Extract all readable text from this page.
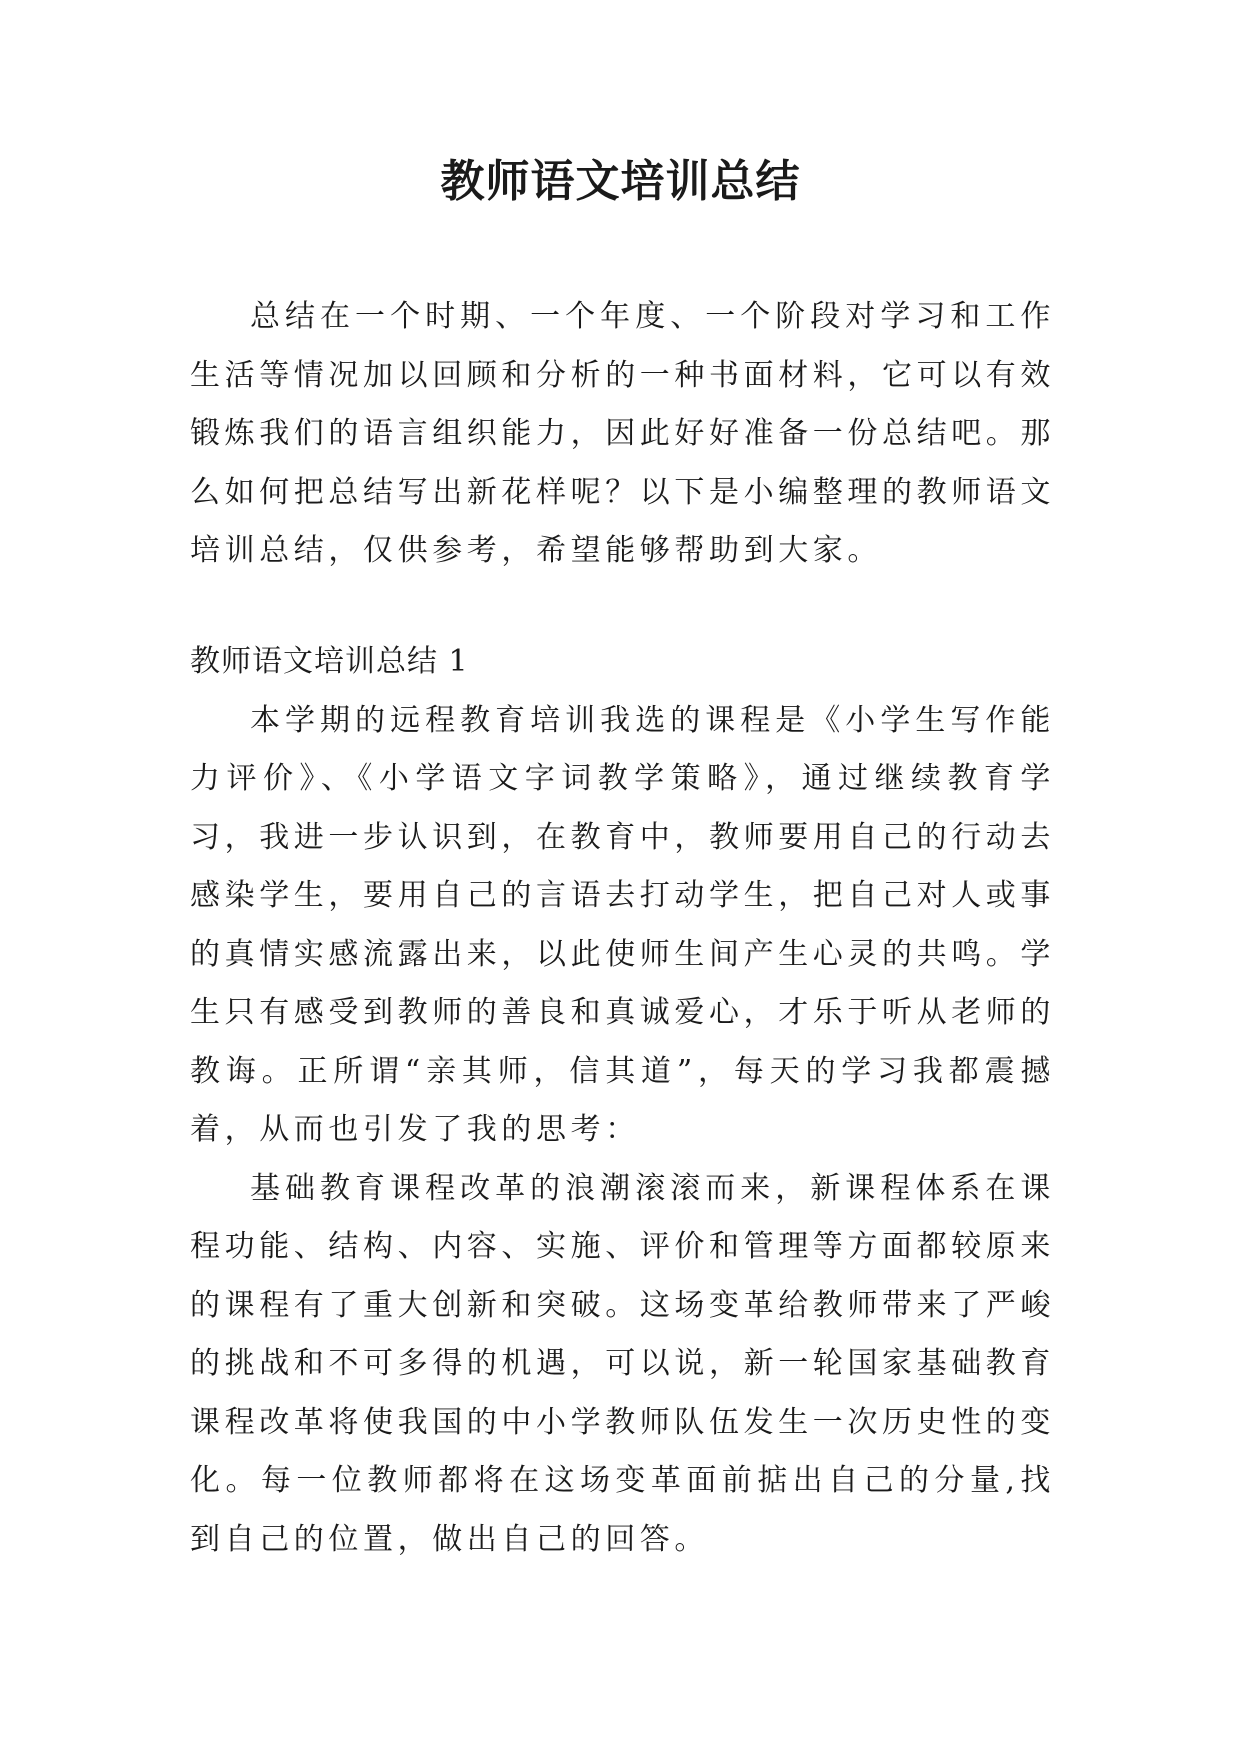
教师语文培训总结

总结在一个时期、一个年度、一个阶段对学习和工作生活等情况加以回顾和分析的一种书面材料，它可以有效锻炼我们的语言组织能力，因此好好准备一份总结吧。那么如何把总结写出新花样呢？以下是小编整理的教师语文培训总结，仅供参考，希望能够帮助到大家。

教师语文培训总结 1

本学期的远程教育培训我选的课程是《小学生写作能力评价》、《小学语文字词教学策略》，通过继续教育学习，我进一步认识到，在教育中，教师要用自己的行动去感染学生，要用自己的言语去打动学生，把自己对人或事的真情实感流露出来，以此使师生间产生心灵的共鸣。学生只有感受到教师的善良和真诚爱心，才乐于听从老师的教诲。正所谓“亲其师，信其道”，每天的学习我都震撼着，从而也引发了我的思考：

基础教育课程改革的浪潮滚滚而来，新课程体系在课程功能、结构、内容、实施、评价和管理等方面都较原来的课程有了重大创新和突破。这场变革给教师带来了严峻的挑战和不可多得的机遇，可以说，新一轮国家基础教育课程改革将使我国的中小学教师队伍发生一次历史性的变化。每一位教师都将在这场变革面前掂出自己的分量,找到自己的位置，做出自己的回答。
